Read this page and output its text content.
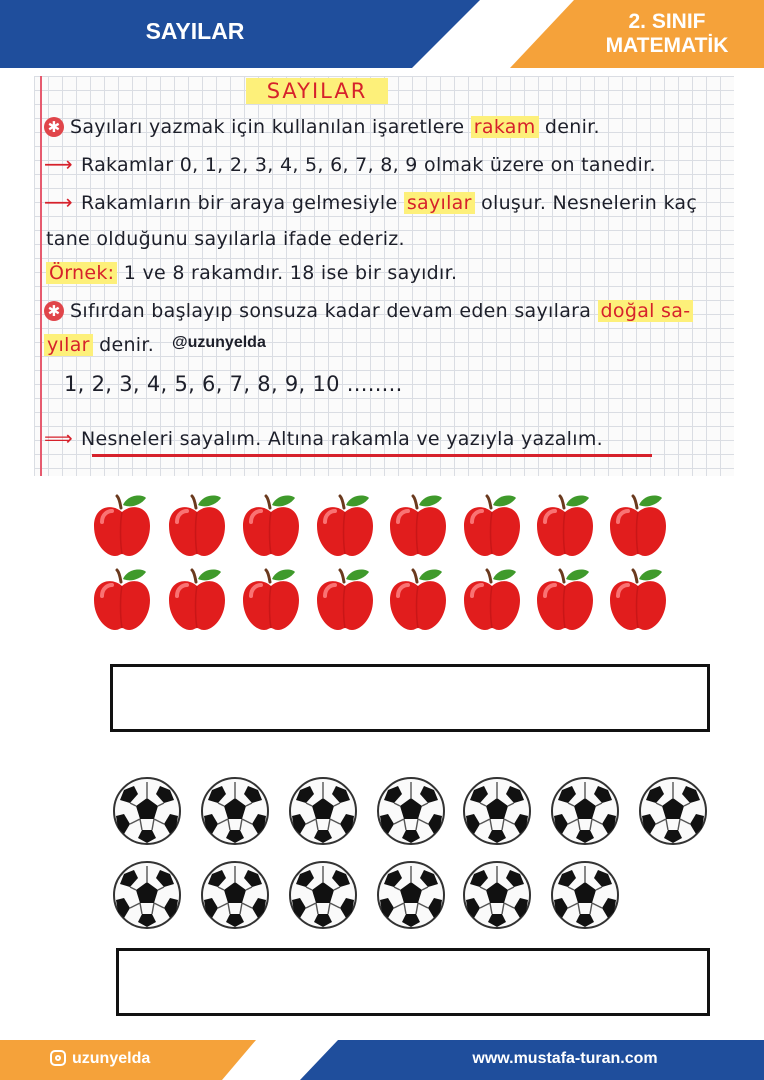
SAYILAR	2. SINIF
MATEMATİK
SAYILAR
✱ Sayıları yazmak için kullanılan işaretlere rakam denir.
⟶ Rakamlar 0, 1, 2, 3, 4, 5, 6, 7, 8, 9 olmak üzere on tanedir.
⟶ Rakamların bir araya gelmesiyle sayılar oluşur. Nesnelerin kaç
tane olduğunu sayılarla ifade ederiz.
Örnek: 1 ve 8 rakamdır. 18 ise bir sayıdır.
✱ Sıfırdan başlayıp sonsuza kadar devam eden sayılara doğal sa-
yılar denir. @uzunyelda
1, 2, 3, 4, 5, 6, 7, 8, 9, 10 ........
⟹ Nesneleri sayalım. Altına rakamla ve yazıyla yazalım.
uzunyelda	www.mustafa-turan.com
